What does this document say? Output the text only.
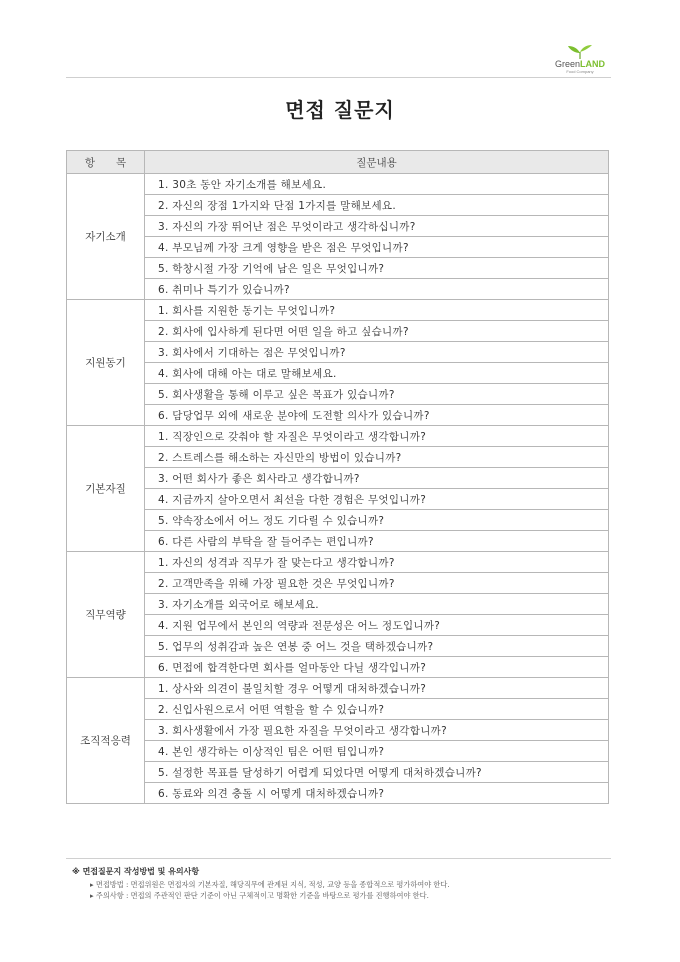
GreenLAND
Food Company
면접 질문지
항　　목	질문내용
자기소개	1. 30초 동안 자기소개를 해보세요.
	2. 자신의 장점 1가지와 단점 1가지를 말해보세요.
	3. 자신의 가장 뛰어난 점은 무엇이라고 생각하십니까?
	4. 부모님께 가장 크게 영향을 받은 점은 무엇입니까?
	5. 학창시절 가장 기억에 남은 일은 무엇입니까?
	6. 취미나 특기가 있습니까?
지원동기	1. 회사를 지원한 동기는 무엇입니까?
	2. 회사에 입사하게 된다면 어떤 일을 하고 싶습니까?
	3. 회사에서 기대하는 점은 무엇입니까?
	4. 회사에 대해 아는 대로 말해보세요.
	5. 회사생활을 통해 이루고 싶은 목표가 있습니까?
	6. 담당업무 외에 새로운 분야에 도전할 의사가 있습니까?
기본자질	1. 직장인으로 갖춰야 할 자질은 무엇이라고 생각합니까?
	2. 스트레스를 해소하는 자신만의 방법이 있습니까?
	3. 어떤 회사가 좋은 회사라고 생각합니까?
	4. 지금까지 살아오면서 최선을 다한 경험은 무엇입니까?
	5. 약속장소에서 어느 정도 기다릴 수 있습니까?
	6. 다른 사람의 부탁을 잘 들어주는 편입니까?
직무역량	1. 자신의 성격과 직무가 잘 맞는다고 생각합니까?
	2. 고객만족을 위해 가장 필요한 것은 무엇입니까?
	3. 자기소개를 외국어로 해보세요.
	4. 지원 업무에서 본인의 역량과 전문성은 어느 정도입니까?
	5. 업무의 성취감과 높은 연봉 중 어느 것을 택하겠습니까?
	6. 면접에 합격한다면 회사를 얼마동안 다닐 생각입니까?
조직적응력	1. 상사와 의견이 불일치할 경우 어떻게 대처하겠습니까?
	2. 신입사원으로서 어떤 역할을 할 수 있습니까?
	3. 회사생활에서 가장 필요한 자질을 무엇이라고 생각합니까?
	4. 본인 생각하는 이상적인 팀은 어떤 팀입니까?
	5. 설정한 목표를 달성하기 어렵게 되었다면 어떻게 대처하겠습니까?
	6. 동료와 의견 충돌 시 어떻게 대처하겠습니까?
※ 면접질문지 작성방법 및 유의사항
▸ 면접방법 : 면접위원은 면접자의 기본자질, 해당직무에 관계된 지식, 적성, 교양 등을 종합적으로 평가하여야 한다.
▸ 주의사항 : 면접의 주관적인 판단 기준이 아닌 구체적이고 명확한 기준을 바탕으로 평가를 진행하여야 한다.
